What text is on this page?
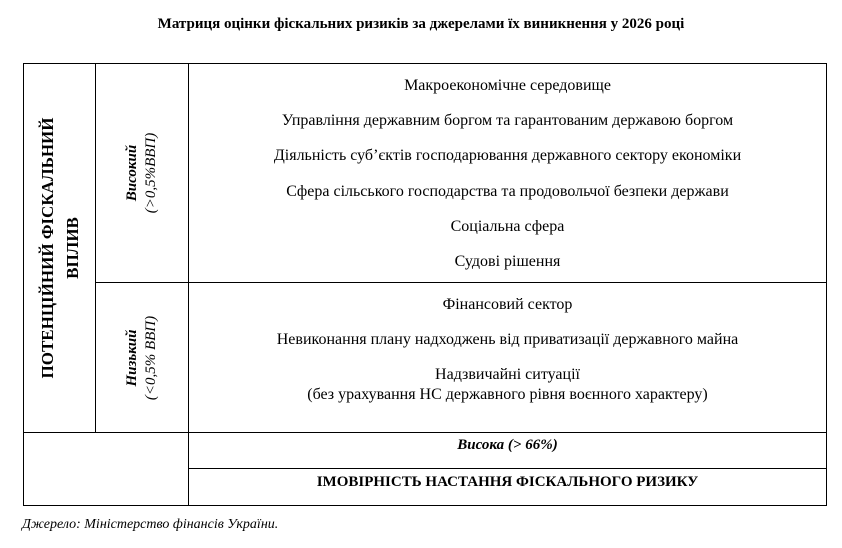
Матриця оцінки фіскальних ризиків за джерелами їх виникнення у 2026 році
ПОТЕНЦІЙНИЙ ФІСКАЛЬНИЙ ВПЛИВ
Високий (>0,5%ВВП)
Низький (<0,5% ВВП)
Макроекономічне середовище
Управління державним боргом та гарантованим державою боргом
Діяльність суб’єктів господарювання державного сектору економіки
Сфера сільського господарства та продовольчої безпеки держави
Соціальна сфера
Судові рішення
Фінансовий сектор
Невиконання плану надходжень від приватизації державного майна
Надзвичайні ситуації
(без урахування НС державного рівня воєнного характеру)
Висока (> 66%)
ІМОВІРНІСТЬ НАСТАННЯ ФІСКАЛЬНОГО РИЗИКУ
Джерело: Міністерство фінансів України.
